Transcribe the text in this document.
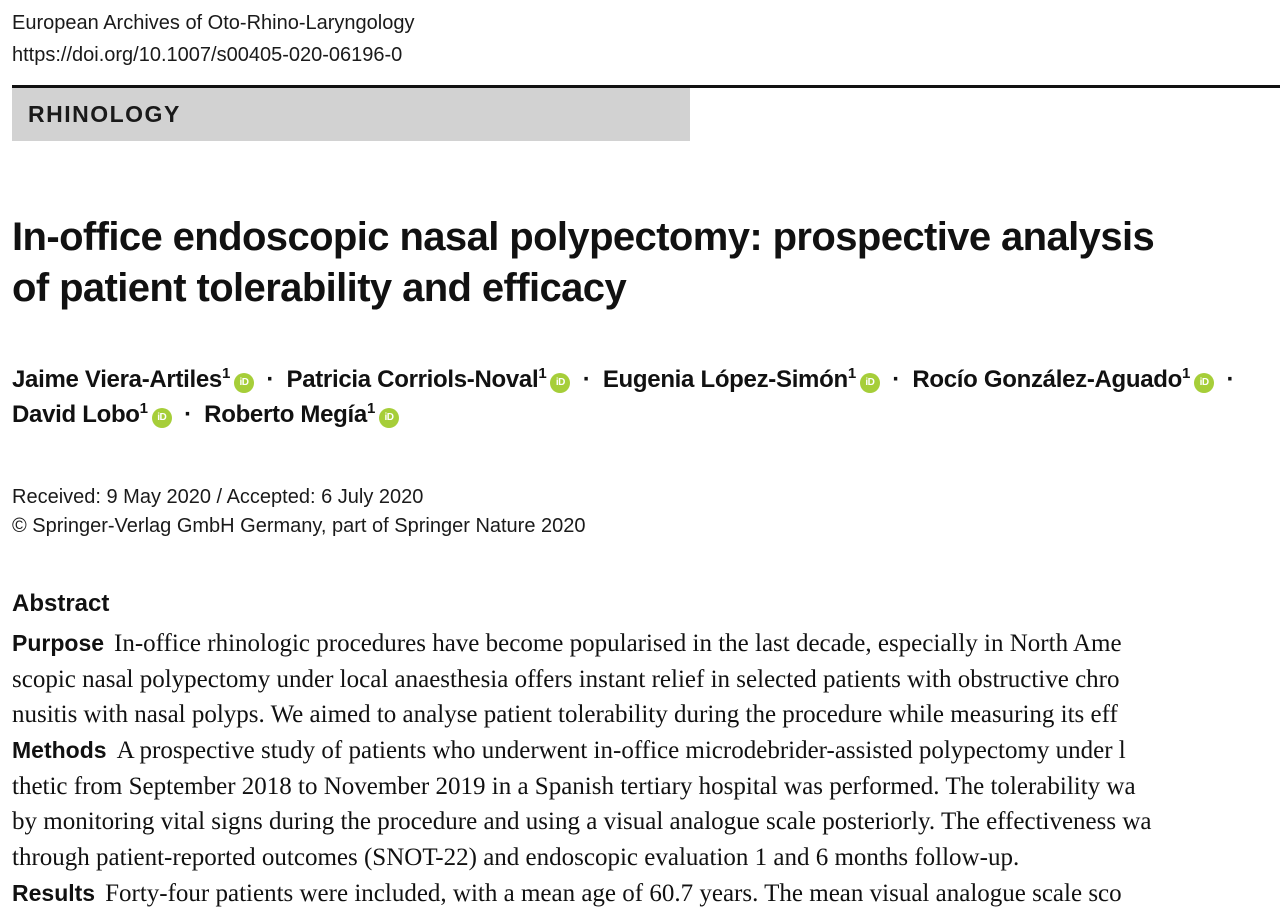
European Archives of Oto-Rhino-Laryngology
https://doi.org/10.1007/s00405-020-06196-0
RHINOLOGY
In-office endoscopic nasal polypectomy: prospective analysis
of patient tolerability and efficacy
Jaime Viera-Artiles$^1$iD · Patricia Corriols-Noval$^1$iD · Eugenia López-Simón$^1$iD · Rocío González-Aguado$^1$iD ·
David Lobo$^1$iD · Roberto Megía$^1$iD
Received: 9 May 2020 / Accepted: 6 July 2020
© Springer-Verlag GmbH Germany, part of Springer Nature 2020
Abstract
Purpose In-office rhinologic procedures have become popularised in the last decade, especially in North Ame
scopic nasal polypectomy under local anaesthesia offers instant relief in selected patients with obstructive chro
nusitis with nasal polyps. We aimed to analyse patient tolerability during the procedure while measuring its eff
Methods A prospective study of patients who underwent in-office microdebrider-assisted polypectomy under l
thetic from September 2018 to November 2019 in a Spanish tertiary hospital was performed. The tolerability wa
by monitoring vital signs during the procedure and using a visual analogue scale posteriorly. The effectiveness wa
through patient-reported outcomes (SNOT-22) and endoscopic evaluation 1 and 6 months follow-up.
Results Forty-four patients were included, with a mean age of 60.7 years. The mean visual analogue scale sco
